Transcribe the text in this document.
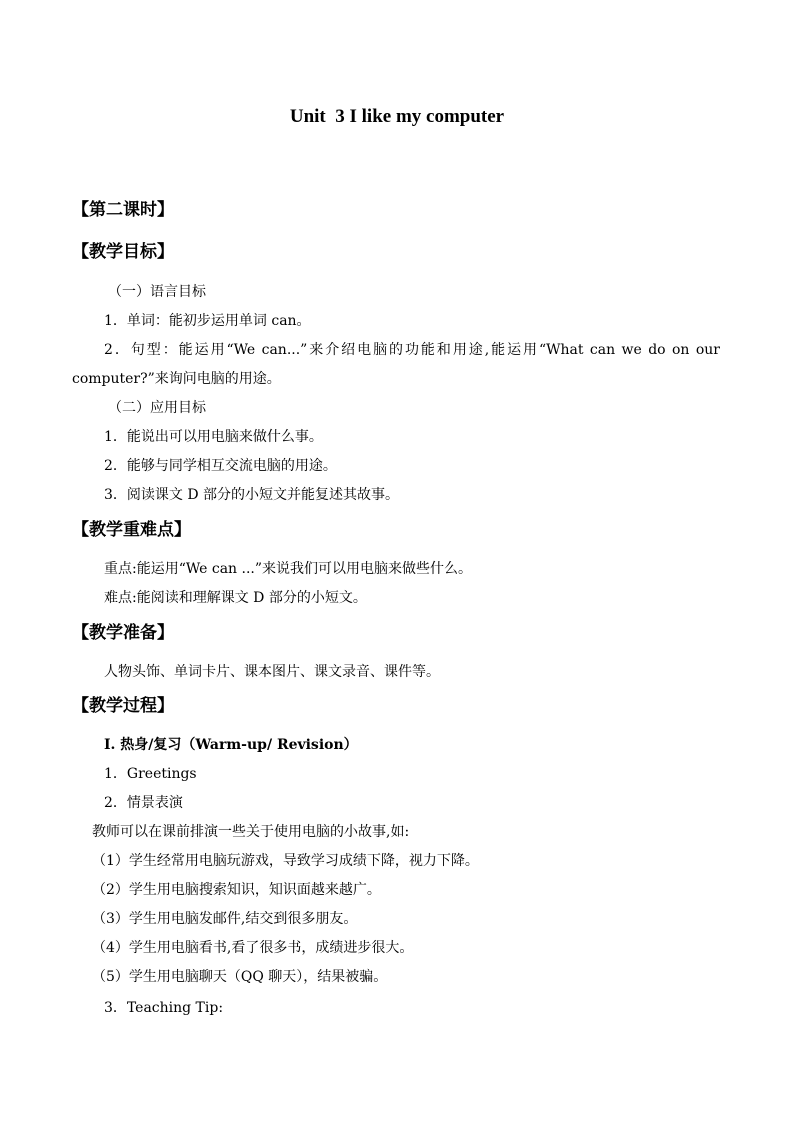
Unit  3 I like my computer
【第二课时】
【教学目标】
（一）语言目标
1．单词：能初步运用单词 can。
2．句型：能运用“We can...”来介绍电脑的功能和用途,能运用“What can we do on our
computer?”来询问电脑的用途。
（二）应用目标
1．能说出可以用电脑来做什么事。
2．能够与同学相互交流电脑的用途。
3．阅读课文 D 部分的小短文并能复述其故事。
【教学重难点】
重点:能运用“We can ...”来说我们可以用电脑来做些什么。
难点:能阅读和理解课文 D 部分的小短文。
【教学准备】
人物头饰、单词卡片、课本图片、课文录音、课件等。
【教学过程】
I. 热身/复习（Warm-up/ Revision）
1．Greetings
2．情景表演
教师可以在课前排演一些关于使用电脑的小故事,如:
（1）学生经常用电脑玩游戏，导致学习成绩下降，视力下降。
（2）学生用电脑搜索知识，知识面越来越广。
（3）学生用电脑发邮件,结交到很多朋友。
（4）学生用电脑看书,看了很多书，成绩进步很大。
（5）学生用电脑聊天（QQ 聊天），结果被骗。
3．Teaching Tip:
